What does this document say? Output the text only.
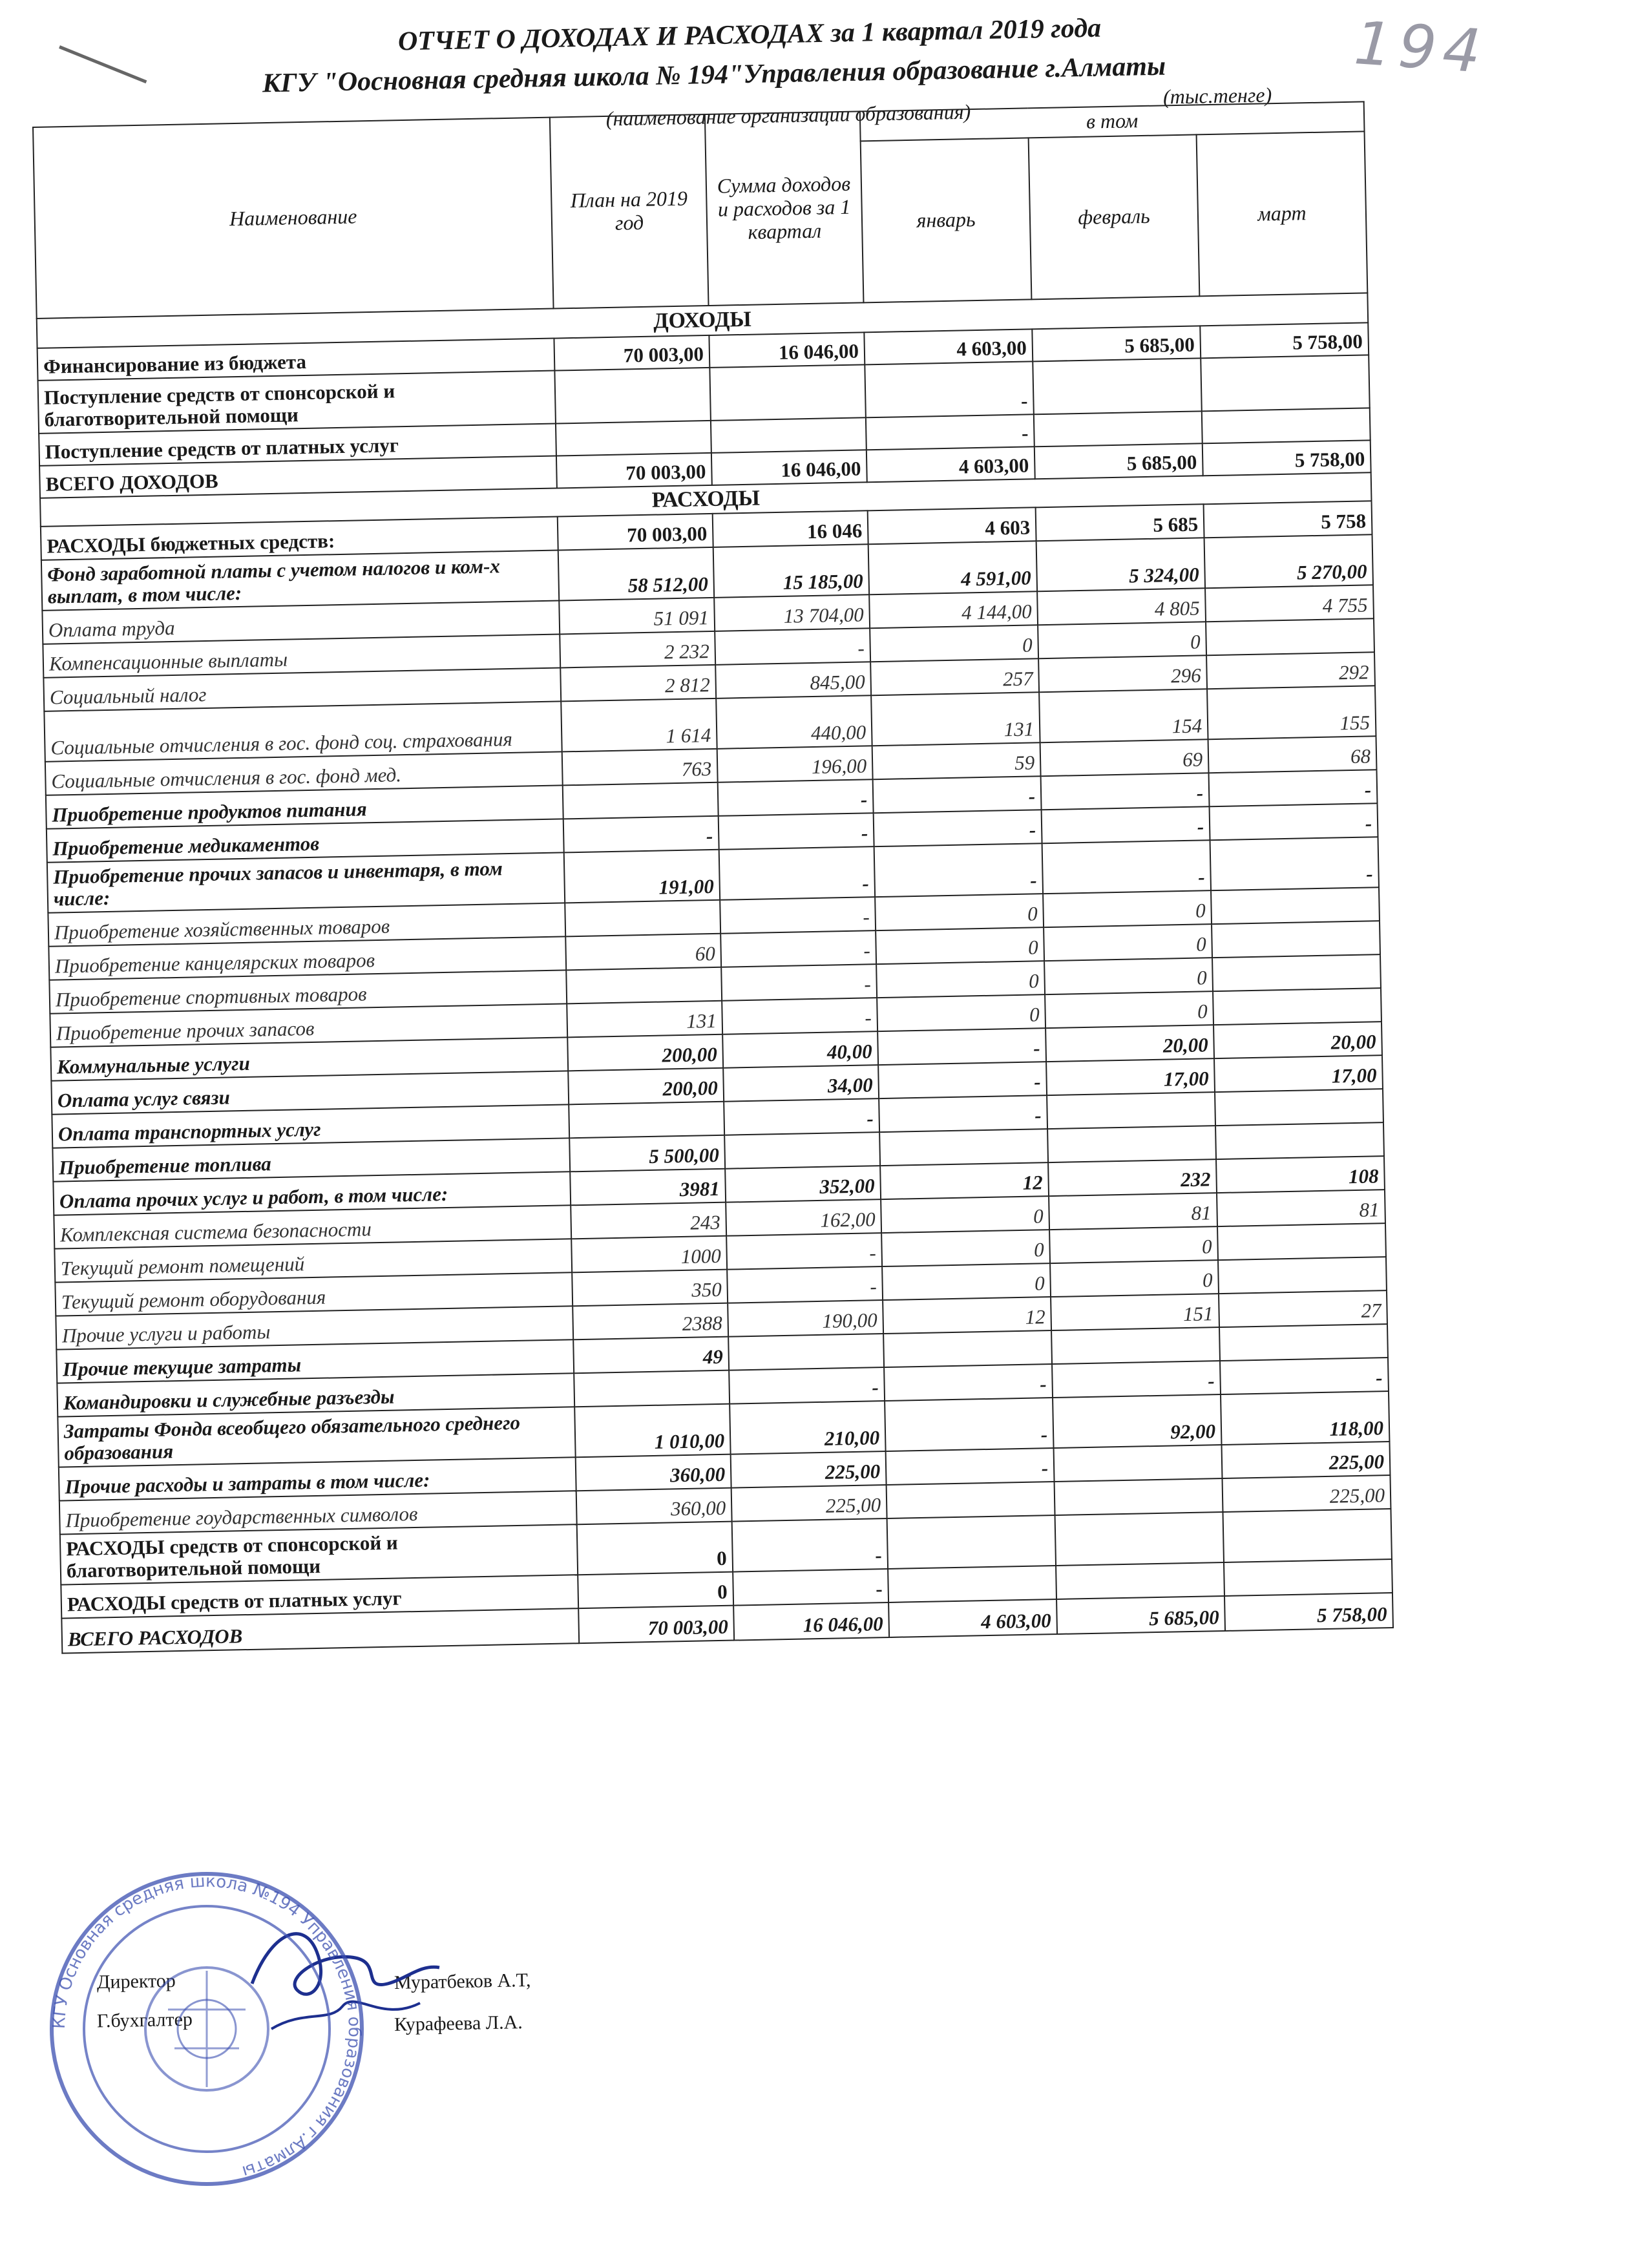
194
ОТЧЕТ О ДОХОДАХ И РАСХОДАХ за 1 квартал 2019 года
КГУ "Оосновная средняя школа № 194"Управления образование г.Алматы
(наименование организации образования)
(тыс.тенге)
Наименование	План на 2019 год	Сумма доходов и расходов за 1 квартал	в том		
			январь	февраль	март
ДОХОДЫ					
Финансирование из бюджета	70 003,00	16 046,00	4 603,00	5 685,00	5 758,00
Поступление средств от спонсорской и благотворительной помощи			-		
Поступление средств от платных услуг			-		
ВСЕГО ДОХОДОВ	70 003,00	16 046,00	4 603,00	5 685,00	5 758,00
РАСХОДЫ					
РАСХОДЫ бюджетных средств:	70 003,00	16 046	4 603	5 685	5 758
Фонд заработной платы с учетом налогов и ком-х выплат, в том числе:	58 512,00	15 185,00	4 591,00	5 324,00	5 270,00
Оплата труда	51 091	13 704,00	4 144,00	4 805	4 755
Компенсационные выплаты	2 232	-	0	0	
Социальный налог	2 812	845,00	257	296	292
Социальные отчисления в гос. фонд соц. страхования	1 614	440,00	131	154	155
Социальные отчисления в гос. фонд мед.	763	196,00	59	69	68
Приобретение продуктов питания		-	-	-	-
Приобретение медикаментов	-	-	-	-	-
Приобретение прочих запасов и инвентаря, в том числе:	191,00	-	-	-	-
Приобретение хозяйственных товаров		-	0	0	
Приобретение канцелярских товаров	60	-	0	0	
Приобретение спортивных товаров		-	0	0	
Приобретение прочих запасов	131	-	0	0	
Коммунальные услуги	200,00	40,00	-	20,00	20,00
Оплата услуг связи	200,00	34,00	-	17,00	17,00
Оплата транспортных услуг		-	-		
Приобретение топлива	5 500,00				
Оплата прочих услуг и работ, в том числе:	3981	352,00	12	232	108
Комплексная система безопасности	243	162,00	0	81	81
Текущий ремонт помещений	1000	-	0	0	
Текущий ремонт оборудования	350	-	0	0	
Прочие услуги и работы	2388	190,00	12	151	27
Прочие текущие затраты	49				
Командировки и служебные разъезды		-	-	-	-
Затраты Фонда всеобщего обязательного среднего образования	1 010,00	210,00	-	92,00	118,00
Прочие расходы и затраты в том числе:	360,00	225,00	-		225,00
Приобретение гоударственных символов	360,00	225,00			225,00
РАСХОДЫ средств от спонсорской и благотворительной помощи	0	-			
РАСХОДЫ средств от платных услуг	0	-			
ВСЕГО РАСХОДОВ	70 003,00	16 046,00	4 603,00	5 685,00	5 758,00
Директор	Муратбеков А.Т,
Г.бухгалтер	Курафеева Л.А.
КГУ Основная средняя школа №194 Управления образования г.Алматы
